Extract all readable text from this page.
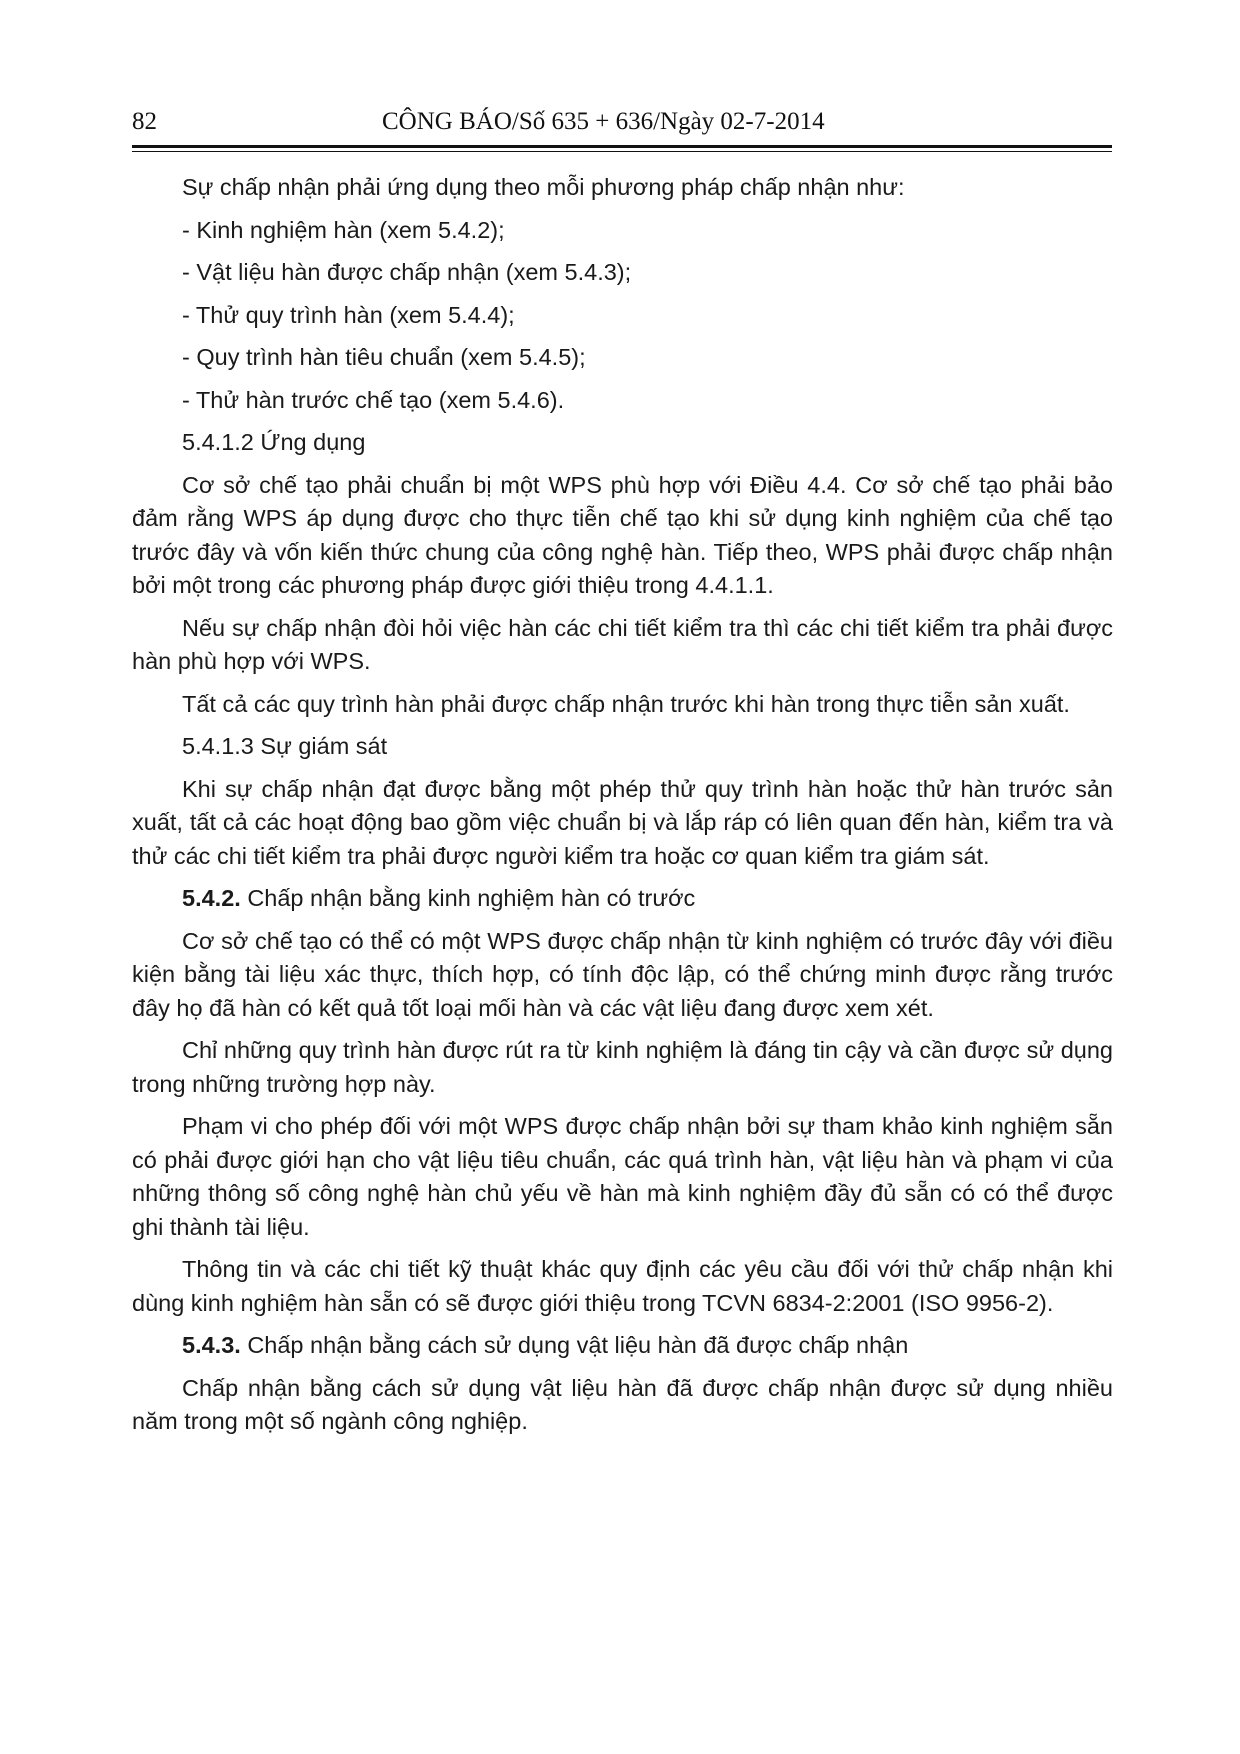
82	CÔNG BÁO/Số 635 + 636/Ngày 02-7-2014

Sự chấp nhận phải ứng dụng theo mỗi phương pháp chấp nhận như:

- Kinh nghiệm hàn (xem 5.4.2);

- Vật liệu hàn được chấp nhận (xem 5.4.3);

- Thử quy trình hàn (xem 5.4.4);

- Quy trình hàn tiêu chuẩn (xem 5.4.5);

- Thử hàn trước chế tạo (xem 5.4.6).

5.4.1.2 Ứng dụng

Cơ sở chế tạo phải chuẩn bị một WPS phù hợp với Điều 4.4. Cơ sở chế tạo phải bảo đảm rằng WPS áp dụng được cho thực tiễn chế tạo khi sử dụng kinh nghiệm của chế tạo trước đây và vốn kiến thức chung của công nghệ hàn. Tiếp theo, WPS phải được chấp nhận bởi một trong các phương pháp được giới thiệu trong 4.4.1.1.

Nếu sự chấp nhận đòi hỏi việc hàn các chi tiết kiểm tra thì các chi tiết kiểm tra phải được hàn phù hợp với WPS.

Tất cả các quy trình hàn phải được chấp nhận trước khi hàn trong thực tiễn sản xuất.

5.4.1.3 Sự giám sát

Khi sự chấp nhận đạt được bằng một phép thử quy trình hàn hoặc thử hàn trước sản xuất, tất cả các hoạt động bao gồm việc chuẩn bị và lắp ráp có liên quan đến hàn, kiểm tra và thử các chi tiết kiểm tra phải được người kiểm tra hoặc cơ quan kiểm tra giám sát.

5.4.2. Chấp nhận bằng kinh nghiệm hàn có trước

Cơ sở chế tạo có thể có một WPS được chấp nhận từ kinh nghiệm có trước đây với điều kiện bằng tài liệu xác thực, thích hợp, có tính độc lập, có thể chứng minh được rằng trước đây họ đã hàn có kết quả tốt loại mối hàn và các vật liệu đang được xem xét.

Chỉ những quy trình hàn được rút ra từ kinh nghiệm là đáng tin cậy và cần được sử dụng trong những trường hợp này.

Phạm vi cho phép đối với một WPS được chấp nhận bởi sự tham khảo kinh nghiệm sẵn có phải được giới hạn cho vật liệu tiêu chuẩn, các quá trình hàn, vật liệu hàn và phạm vi của những thông số công nghệ hàn chủ yếu về hàn mà kinh nghiệm đầy đủ sẵn có có thể được ghi thành tài liệu.

Thông tin và các chi tiết kỹ thuật khác quy định các yêu cầu đối với thử chấp nhận khi dùng kinh nghiệm hàn sẵn có sẽ được giới thiệu trong TCVN 6834-2:2001 (ISO 9956-2).

5.4.3. Chấp nhận bằng cách sử dụng vật liệu hàn đã được chấp nhận

Chấp nhận bằng cách sử dụng vật liệu hàn đã được chấp nhận được sử dụng nhiều năm trong một số ngành công nghiệp.
